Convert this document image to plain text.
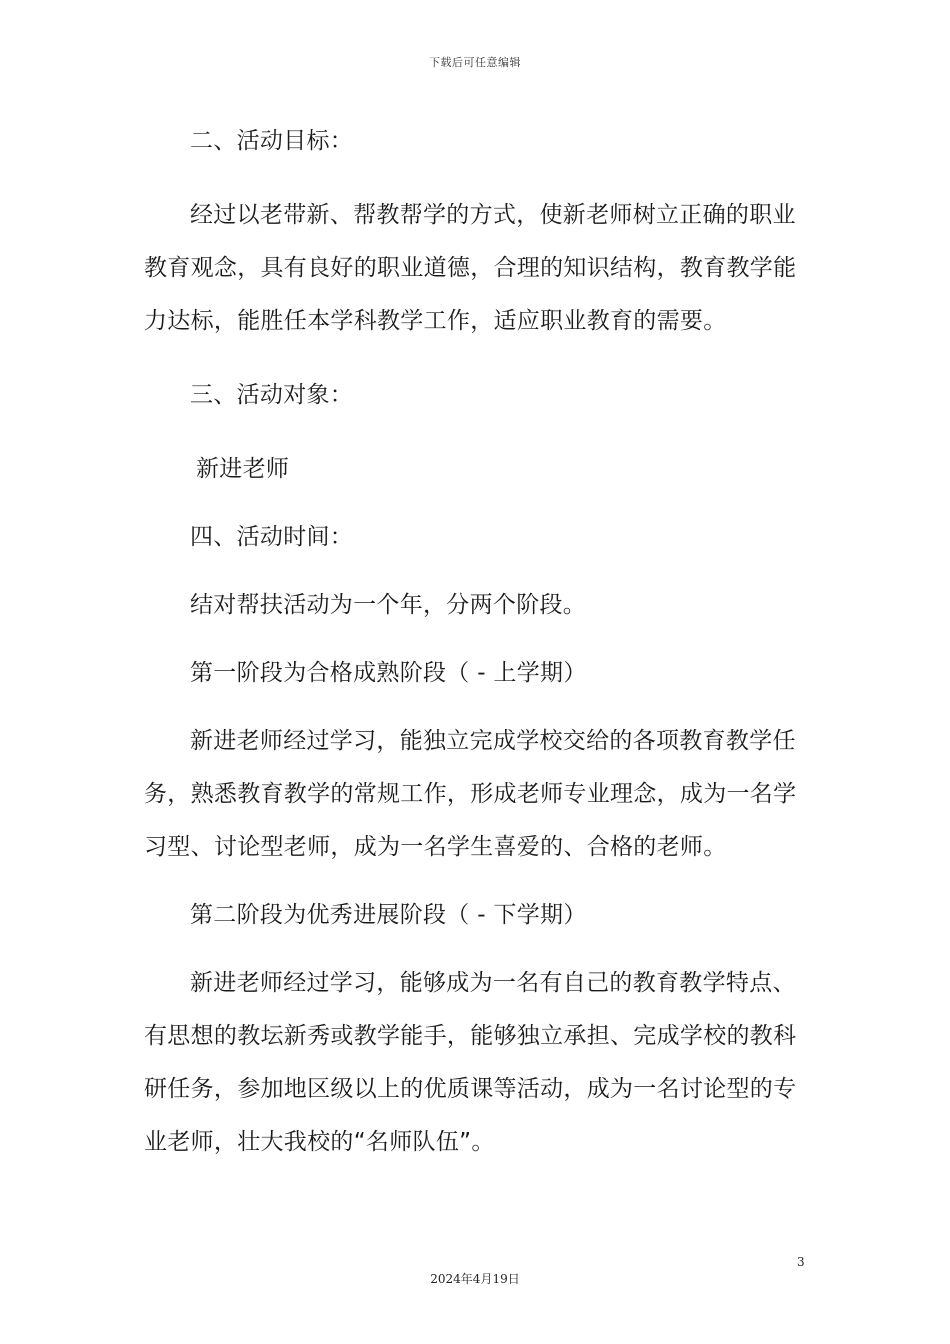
下载后可任意编辑
二、活动目标：
经过以老带新、帮教帮学的方式，使新老师树立正确的职业
教育观念，具有良好的职业道德，合理的知识结构，教育教学能
力达标，能胜任本学科教学工作，适应职业教育的需要。
三、活动对象：
新进老师
四、活动时间：
结对帮扶活动为一个年，分两个阶段。
第一阶段为合格成熟阶段（ - 上学期）
新进老师经过学习，能独立完成学校交给的各项教育教学任
务，熟悉教育教学的常规工作，形成老师专业理念，成为一名学
习型、讨论型老师，成为一名学生喜爱的、合格的老师。
第二阶段为优秀进展阶段（ - 下学期）
新进老师经过学习，能够成为一名有自己的教育教学特点、
有思想的教坛新秀或教学能手，能够独立承担、完成学校的教科
研任务，参加地区级以上的优质课等活动，成为一名讨论型的专
业老师，壮大我校的“名师队伍”。
3
2024年4月19日
